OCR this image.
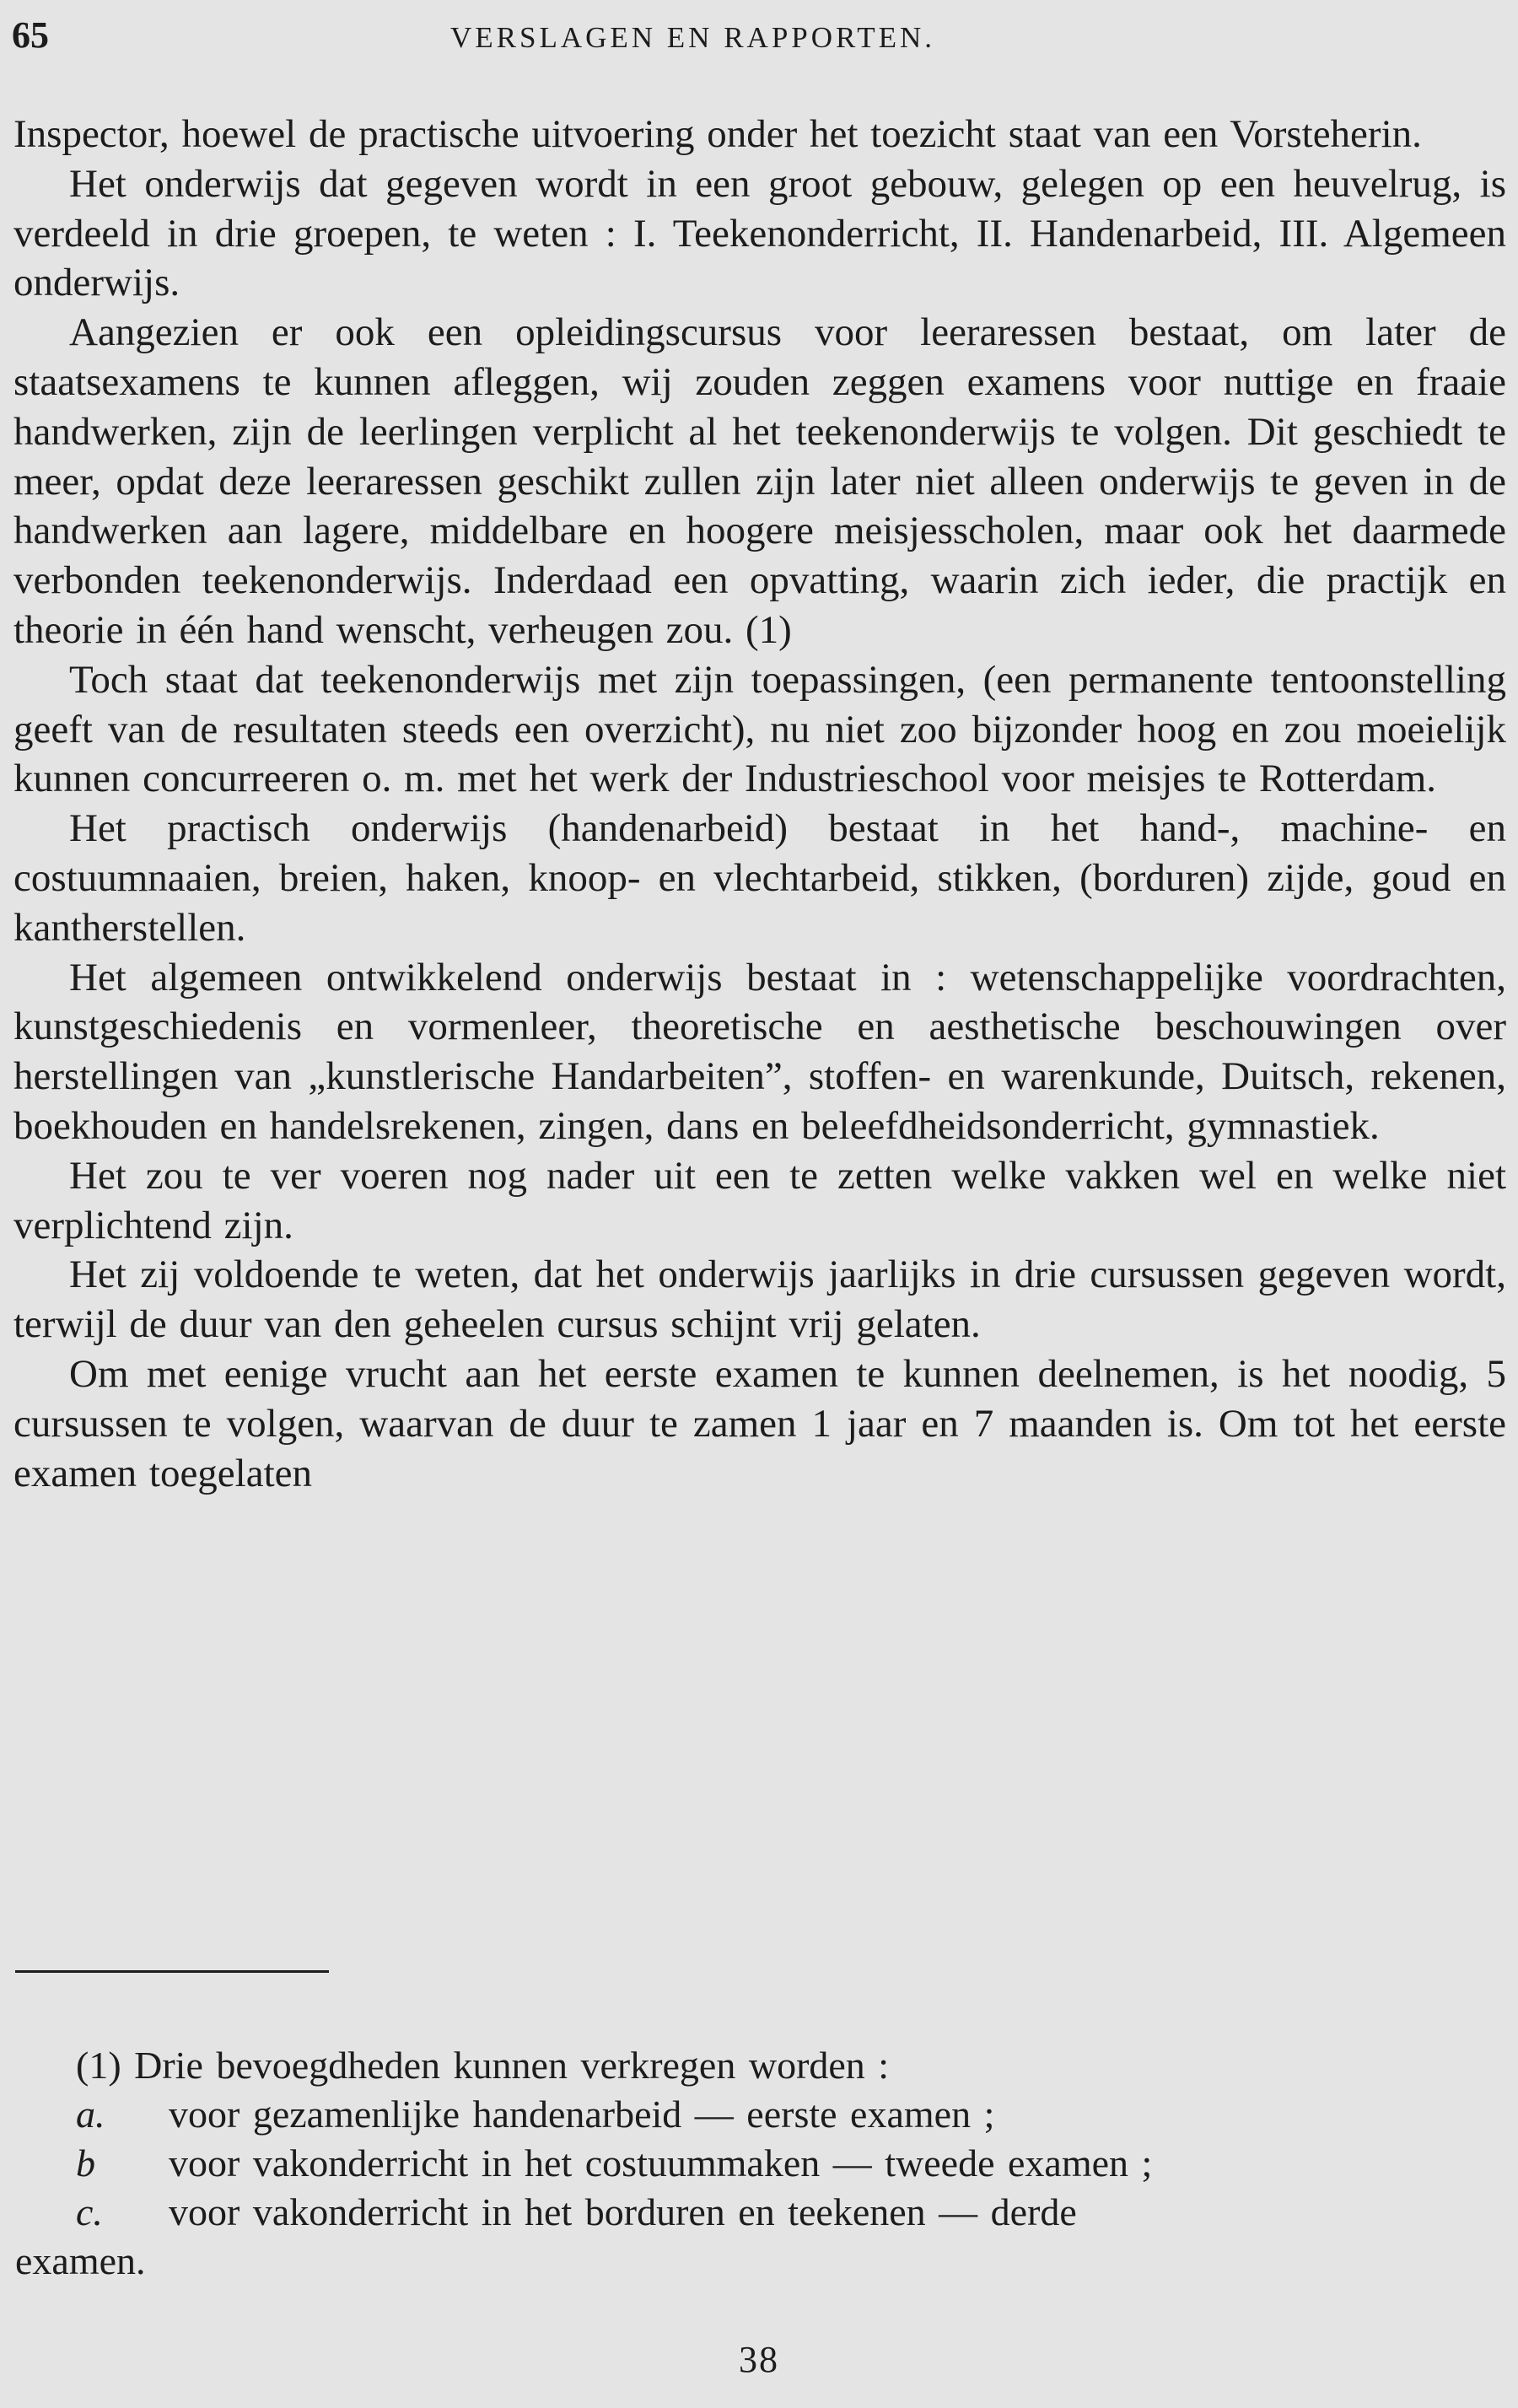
65	VERSLAGEN EN RAPPORTEN.

Inspector, hoewel de practische uitvoering onder het toezicht staat van een Vorsteherin.

Het onderwijs dat gegeven wordt in een groot gebouw, gelegen op een heuvelrug, is verdeeld in drie groepen, te weten : I. Teekenonderricht, II. Handenarbeid, III. Algemeen onderwijs.

Aangezien er ook een opleidingscursus voor leeraressen bestaat, om later de staatsexamens te kunnen afleggen, wij zouden zeggen examens voor nuttige en fraaie handwerken, zijn de leerlingen verplicht al het teekenonderwijs te volgen. Dit geschiedt te meer, opdat deze leeraressen geschikt zullen zijn later niet alleen onderwijs te geven in de handwerken aan lagere, middelbare en hoogere meisjesscholen, maar ook het daarmede verbonden teekenonderwijs. Inderdaad een opvatting, waarin zich ieder, die practijk en theorie in één hand wenscht, verheugen zou. (1)

Toch staat dat teekenonderwijs met zijn toepassingen, (een permanente tentoonstelling geeft van de resultaten steeds een overzicht), nu niet zoo bijzonder hoog en zou moeielijk kunnen concurreeren o. m. met het werk der Industrieschool voor meisjes te Rotterdam.

Het practisch onderwijs (handenarbeid) bestaat in het hand-, machine- en costuumnaaien, breien, haken, knoop- en vlechtarbeid, stikken, (borduren) zijde, goud en kantherstellen.

Het algemeen ontwikkelend onderwijs bestaat in : wetenschappelijke voordrachten, kunstgeschiedenis en vormenleer, theoretische en aesthetische beschouwingen over herstellingen van „kunstlerische Handarbeiten”, stoffen- en warenkunde, Duitsch, rekenen, boekhouden en handelsrekenen, zingen, dans en beleefdheidsonderricht, gymnastiek.

Het zou te ver voeren nog nader uit een te zetten welke vakken wel en welke niet verplichtend zijn.

Het zij voldoende te weten, dat het onderwijs jaarlijks in drie cursussen gegeven wordt, terwijl de duur van den geheelen cursus schijnt vrij gelaten.

Om met eenige vrucht aan het eerste examen te kunnen deelnemen, is het noodig, 5 cursussen te volgen, waarvan de duur te zamen 1 jaar en 7 maanden is. Om tot het eerste examen toegelaten

(1) Drie bevoegdheden kunnen verkregen worden :

a. voor gezamenlijke handenarbeid — eerste examen ;

b voor vakonderricht in het costuummaken — tweede examen ;

c. voor vakonderricht in het borduren en teekenen — derde

examen.

38
